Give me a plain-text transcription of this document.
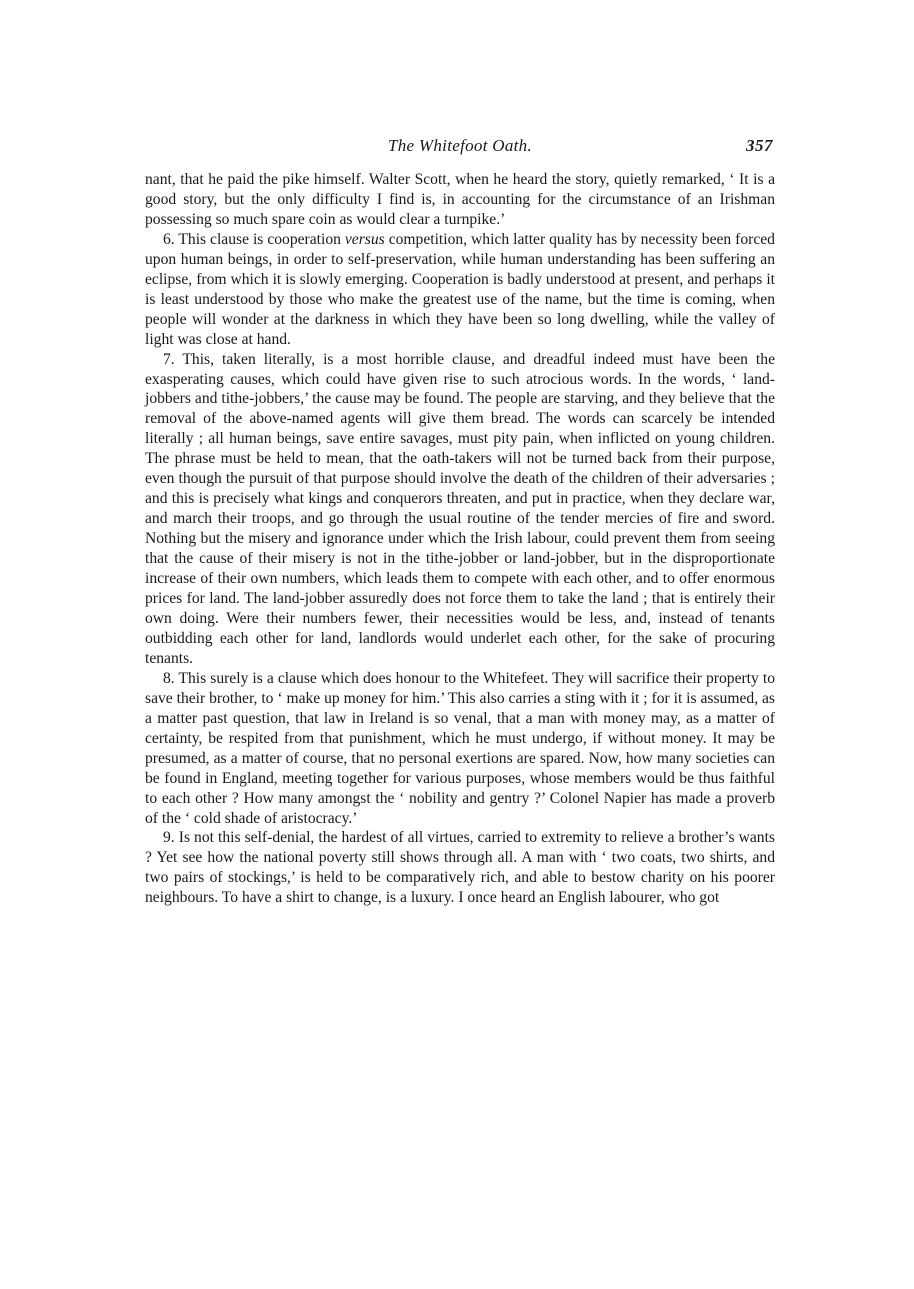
The Whitefoot Oath.	357

nant, that he paid the pike himself. Walter Scott, when he heard the story, quietly remarked, ‘ It is a good story, but the only difficulty I find is, in accounting for the circumstance of an Irishman possessing so much spare coin as would clear a turnpike.’

6. This clause is cooperation versus competition, which latter quality has by necessity been forced upon human beings, in order to self-preservation, while human understanding has been suffering an eclipse, from which it is slowly emerging. Cooperation is badly understood at present, and perhaps it is least understood by those who make the greatest use of the name, but the time is coming, when people will wonder at the darkness in which they have been so long dwelling, while the valley of light was close at hand.

7. This, taken literally, is a most horrible clause, and dreadful indeed must have been the exasperating causes, which could have given rise to such atrocious words. In the words, ‘ land-jobbers and tithe-jobbers,’ the cause may be found. The people are starving, and they believe that the removal of the above-named agents will give them bread. The words can scarcely be intended literally ; all human beings, save entire savages, must pity pain, when inflicted on young children. The phrase must be held to mean, that the oath-takers will not be turned back from their purpose, even though the pursuit of that purpose should involve the death of the children of their adversaries ; and this is precisely what kings and conquerors threaten, and put in practice, when they declare war, and march their troops, and go through the usual routine of the tender mercies of fire and sword. Nothing but the misery and ignorance under which the Irish labour, could prevent them from seeing that the cause of their misery is not in the tithe-jobber or land-jobber, but in the disproportionate increase of their own numbers, which leads them to compete with each other, and to offer enormous prices for land. The land-jobber assuredly does not force them to take the land ; that is entirely their own doing. Were their numbers fewer, their necessities would be less, and, instead of tenants outbidding each other for land, landlords would underlet each other, for the sake of procuring tenants.

8. This surely is a clause which does honour to the Whitefeet. They will sacrifice their property to save their brother, to ‘ make up money for him.’ This also carries a sting with it ; for it is assumed, as a matter past question, that law in Ireland is so venal, that a man with money may, as a matter of certainty, be respited from that punishment, which he must undergo, if without money. It may be presumed, as a matter of course, that no personal exertions are spared. Now, how many societies can be found in England, meeting together for various purposes, whose members would be thus faithful to each other ? How many amongst the ‘ nobility and gentry ?’ Colonel Napier has made a proverb of the ‘ cold shade of aristocracy.’

9. Is not this self-denial, the hardest of all virtues, carried to extremity to relieve a brother’s wants ? Yet see how the national poverty still shows through all. A man with ‘ two coats, two shirts, and two pairs of stockings,’ is held to be comparatively rich, and able to bestow charity on his poorer neighbours. To have a shirt to change, is a luxury. I once heard an English labourer, who got
